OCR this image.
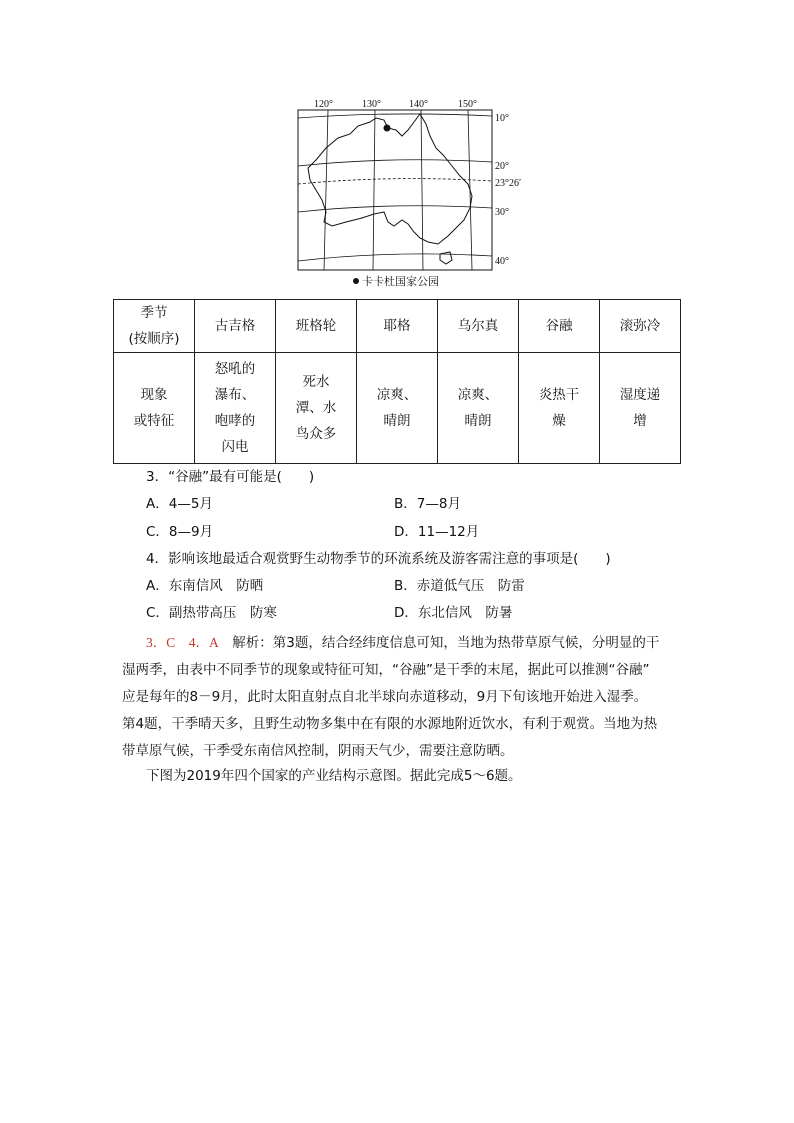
120°	130°	140°	150°
10°
20°
23°26′
30°
40°
卡卡杜国家公园
季节
(按顺序)	古吉格	班格轮	耶格	乌尔真	谷融	滚弥冷
现象
或特征	怒吼的瀑布、咆哮的闪电	死水潭、水鸟众多	凉爽、晴朗	凉爽、晴朗	炎热干燥	湿度递增
3．“谷融”最有可能是(　　)
A．4—5月	B．7—8月
C．8—9月	D．11—12月
4．影响该地最适合观赏野生动物季节的环流系统及游客需注意的事项是(　　)
A．东南信风　防晒	B．赤道低气压　防雷
C．副热带高压　防寒	D．东北信风　防暑

3．C　4．A　 解析：第3题，结合经纬度信息可知，当地为热带草原气候，分明显的干

湿两季，由表中不同季节的现象或特征可知，“谷融”是干季的末尾，据此可以推测“谷融”

应是每年的8－9月，此时太阳直射点自北半球向赤道移动，9月下旬该地开始进入湿季。

第4题，干季晴天多，且野生动物多集中在有限的水源地附近饮水，有利于观赏。当地为热

带草原气候，干季受东南信风控制，阴雨天气少，需要注意防晒。

下图为2019年四个国家的产业结构示意图。据此完成5～6题。
